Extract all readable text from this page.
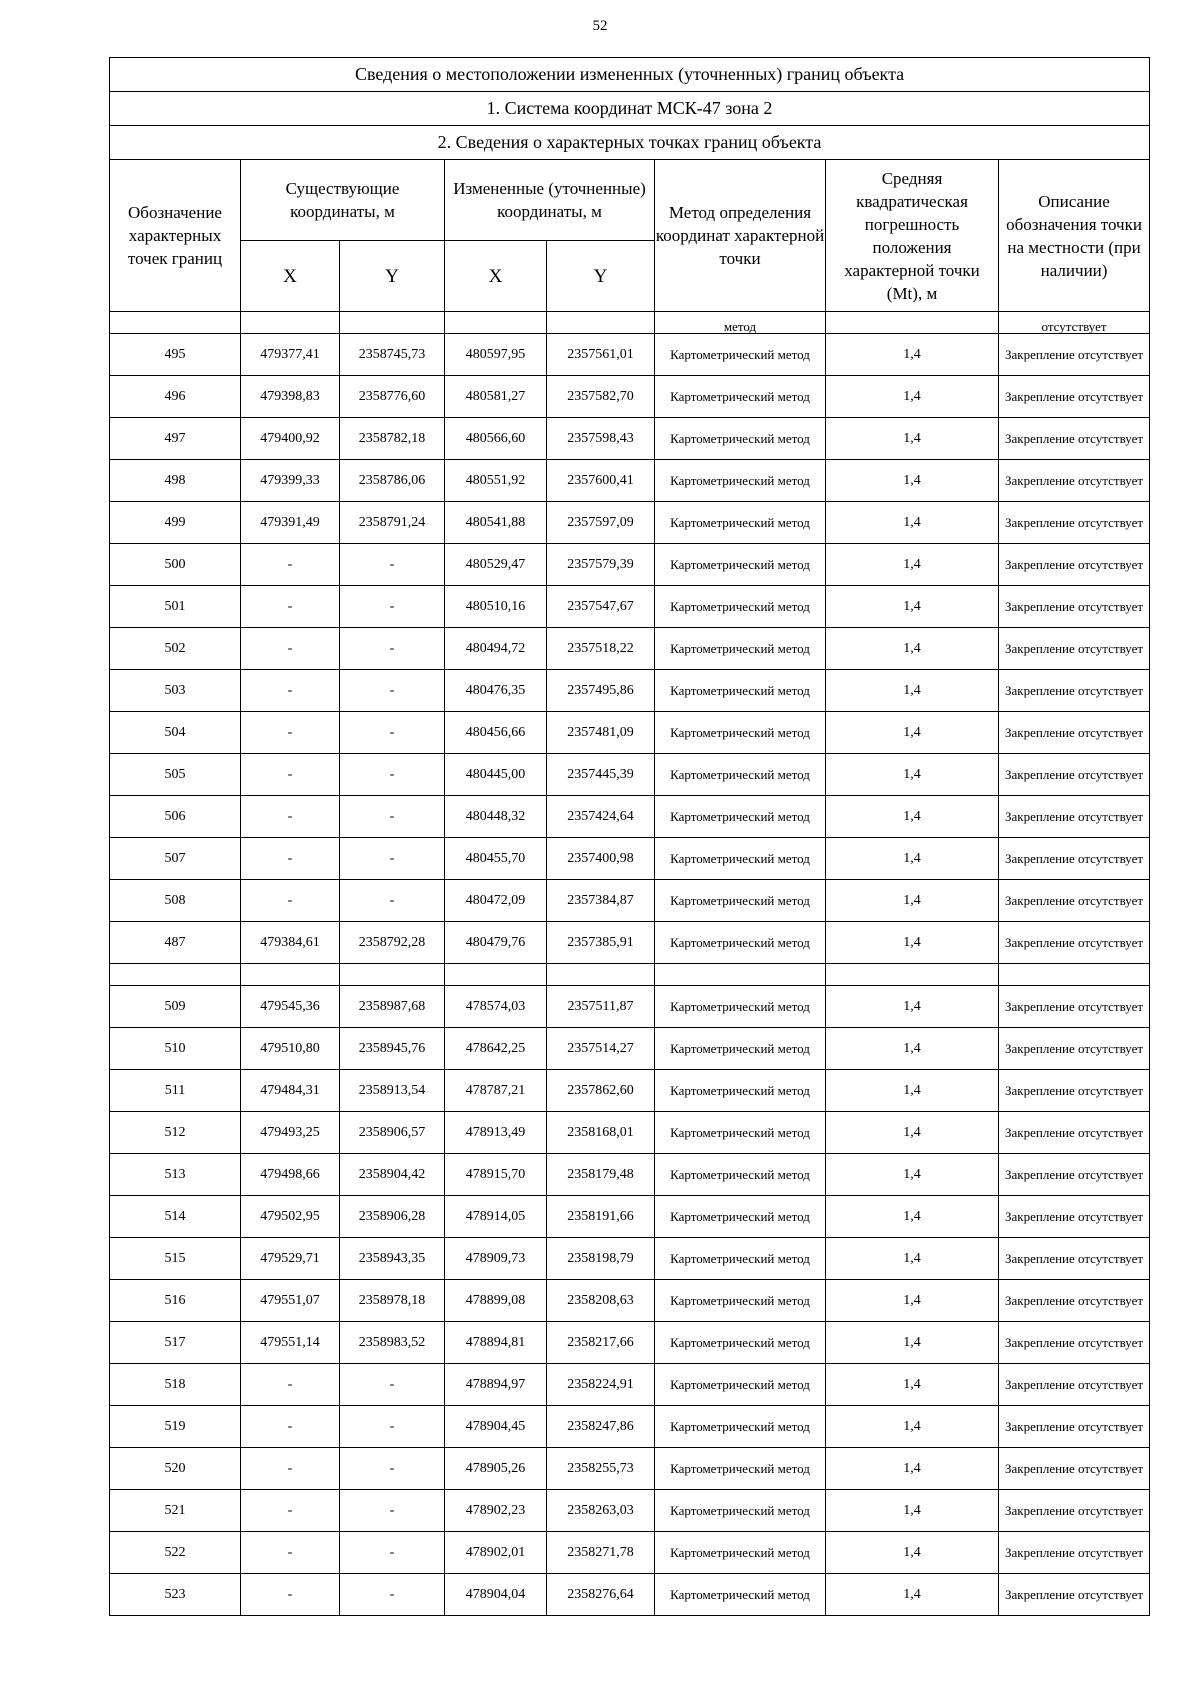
52
Сведения о местоположении измененных (уточненных) границ объекта							
1. Система координат МСК-47 зона 2							
2. Сведения о характерных точках границ объекта							
Обозначение характерных точек границ	Существующие координаты, м		Измененные (уточненные) координаты, м		Метод определения координат характерной точки	Средняя квадратическая погрешность положения характерной точки (Mt), м	Описание обозначения точки на местности (при наличии)
	X	Y	X	Y			
					метод		отсутствует
495	479377,41	2358745,73	480597,95	2357561,01	Картометрический метод	1,4	Закрепление отсутствует
496	479398,83	2358776,60	480581,27	2357582,70	Картометрический метод	1,4	Закрепление отсутствует
497	479400,92	2358782,18	480566,60	2357598,43	Картометрический метод	1,4	Закрепление отсутствует
498	479399,33	2358786,06	480551,92	2357600,41	Картометрический метод	1,4	Закрепление отсутствует
499	479391,49	2358791,24	480541,88	2357597,09	Картометрический метод	1,4	Закрепление отсутствует
500	-	-	480529,47	2357579,39	Картометрический метод	1,4	Закрепление отсутствует
501	-	-	480510,16	2357547,67	Картометрический метод	1,4	Закрепление отсутствует
502	-	-	480494,72	2357518,22	Картометрический метод	1,4	Закрепление отсутствует
503	-	-	480476,35	2357495,86	Картометрический метод	1,4	Закрепление отсутствует
504	-	-	480456,66	2357481,09	Картометрический метод	1,4	Закрепление отсутствует
505	-	-	480445,00	2357445,39	Картометрический метод	1,4	Закрепление отсутствует
506	-	-	480448,32	2357424,64	Картометрический метод	1,4	Закрепление отсутствует
507	-	-	480455,70	2357400,98	Картометрический метод	1,4	Закрепление отсутствует
508	-	-	480472,09	2357384,87	Картометрический метод	1,4	Закрепление отсутствует
487	479384,61	2358792,28	480479,76	2357385,91	Картометрический метод	1,4	Закрепление отсутствует

509	479545,36	2358987,68	478574,03	2357511,87	Картометрический метод	1,4	Закрепление отсутствует
510	479510,80	2358945,76	478642,25	2357514,27	Картометрический метод	1,4	Закрепление отсутствует
511	479484,31	2358913,54	478787,21	2357862,60	Картометрический метод	1,4	Закрепление отсутствует
512	479493,25	2358906,57	478913,49	2358168,01	Картометрический метод	1,4	Закрепление отсутствует
513	479498,66	2358904,42	478915,70	2358179,48	Картометрический метод	1,4	Закрепление отсутствует
514	479502,95	2358906,28	478914,05	2358191,66	Картометрический метод	1,4	Закрепление отсутствует
515	479529,71	2358943,35	478909,73	2358198,79	Картометрический метод	1,4	Закрепление отсутствует
516	479551,07	2358978,18	478899,08	2358208,63	Картометрический метод	1,4	Закрепление отсутствует
517	479551,14	2358983,52	478894,81	2358217,66	Картометрический метод	1,4	Закрепление отсутствует
518	-	-	478894,97	2358224,91	Картометрический метод	1,4	Закрепление отсутствует
519	-	-	478904,45	2358247,86	Картометрический метод	1,4	Закрепление отсутствует
520	-	-	478905,26	2358255,73	Картометрический метод	1,4	Закрепление отсутствует
521	-	-	478902,23	2358263,03	Картометрический метод	1,4	Закрепление отсутствует
522	-	-	478902,01	2358271,78	Картометрический метод	1,4	Закрепление отсутствует
523	-	-	478904,04	2358276,64	Картометрический метод	1,4	Закрепление отсутствует
